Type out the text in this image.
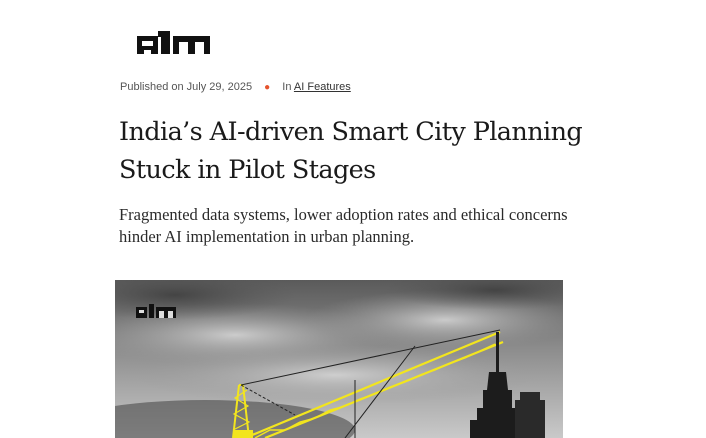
Published on July 29, 2025 ● In AI Features
India’s AI-driven Smart City Planning
Stuck in Pilot Stages

Fragmented data systems, lower adoption rates and ethical concerns
hinder AI implementation in urban planning.
